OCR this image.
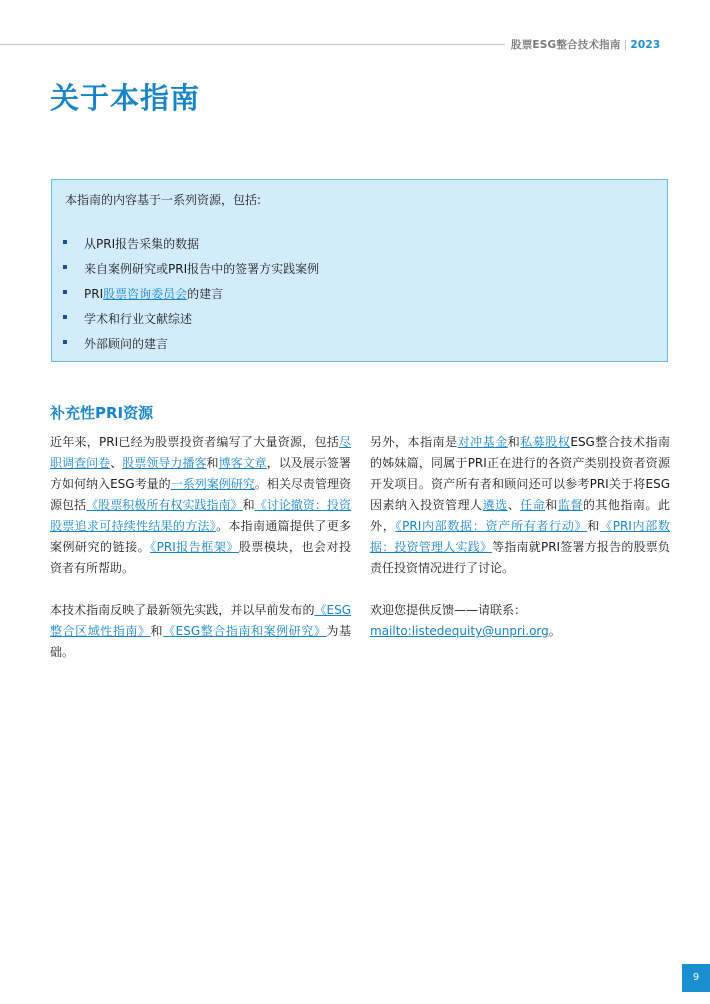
股票ESG整合技术指南 | 2023
关于本指南

本指南的内容基于一系列资源，包括:

从PRI报告采集的数据
来自案例研究或PRI报告中的签署方实践案例
PRI股票咨询委员会的建言
学术和行业文献综述
外部顾问的建言
补充性PRI资源

近年来，PRI已经为股票投资者编写了大量资源，包括尽职调查问卷、股票领导力播客和博客文章，以及展示签署方如何纳入ESG考量的一系列案例研究。相关尽责管理资源包括《股票积极所有权实践指南》和《讨论撤资：投资股票追求可持续性结果的方法》。本指南通篇提供了更多案例研究的链接。《PRI报告框架》股票模块，也会对投资者有所帮助。

本技术指南反映了最新领先实践，并以早前发布的《ESG整合区域性指南》和《ESG整合指南和案例研究》为基础。

另外，本指南是对冲基金和私募股权ESG整合技术指南的姊妹篇，同属于PRI正在进行的各资产类别投资者资源开发项目。资产所有者和顾问还可以参考PRI关于将ESG因素纳入投资管理人遴选、任命和监督的其他指南。此外，《PRI内部数据：资产所有者行动》和《PRI内部数据：投资管理人实践》等指南就PRI签署方报告的股票负责任投资情况进行了讨论。

欢迎您提供反馈——请联系：
mailto:listedequity@unpri.org。

9
